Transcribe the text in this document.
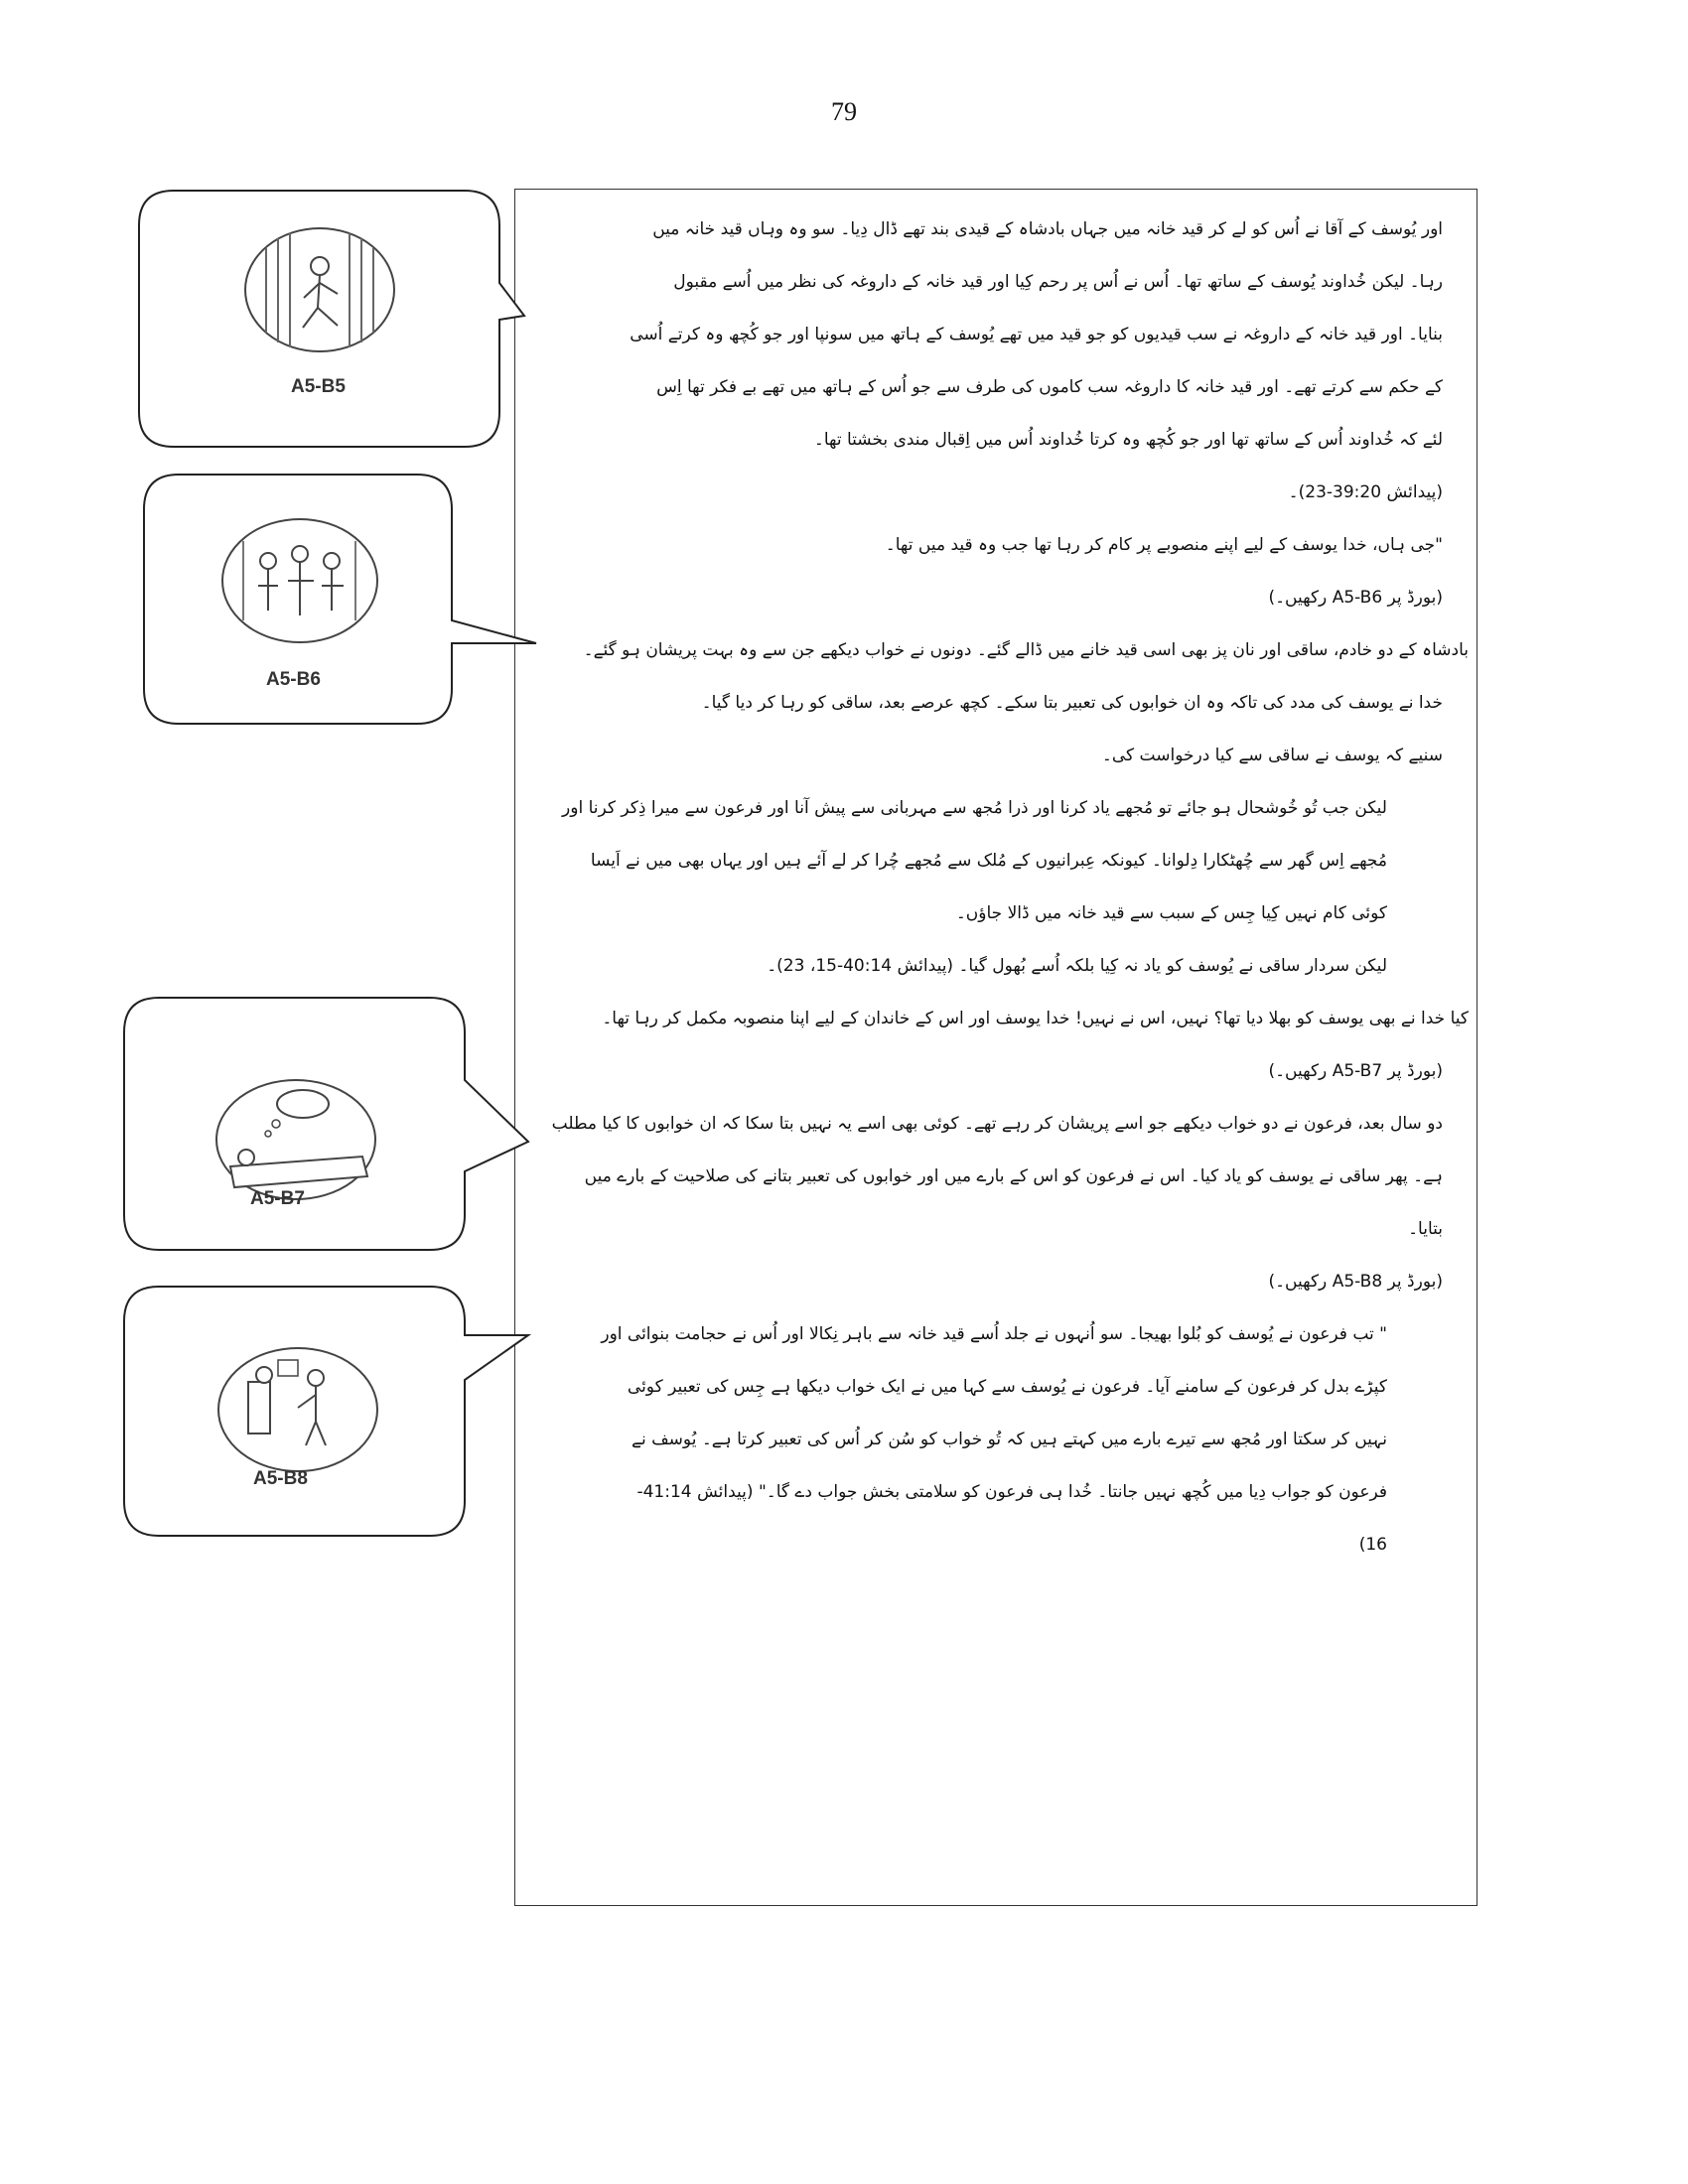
79
اور یُوسف کے آقا نے اُس کو لے کر قید خانہ میں جہاں بادشاہ کے قیدی بند تھے ڈال دِیا۔ سو وہ وہاں قید خانہ میں
رہا۔ لیکن خُداوند یُوسف کے ساتھ تھا۔ اُس نے اُس پر رحم کِیا اور قید خانہ کے داروغہ کی نظر میں اُسے مقبول
بنایا۔ اور قید خانہ کے داروغہ نے سب قیدیوں کو جو قید میں تھے یُوسف کے ہاتھ میں سونپا اور جو کُچھ وہ کرتے اُسی
کے حکم سے کرتے تھے۔ اور قید خانہ کا داروغہ سب کاموں کی طرف سے جو اُس کے ہاتھ میں تھے بے فکر تھا اِس
لئے کہ خُداوند اُس کے ساتھ تھا اور جو کُچھ وہ کرتا خُداوند اُس میں اِقبال مندی بخشتا تھا۔
(پیدائش 39:20-23)۔
"جی ہاں، خدا یوسف کے لیے اپنے منصوبے پر کام کر رہا تھا جب وہ قید میں تھا۔
(بورڈ پر A5-B6 رکھیں۔)
بادشاہ کے دو خادم، ساقی اور نان پز بھی اسی قید خانے میں ڈالے گئے۔ دونوں نے خواب دیکھے جن سے وہ بہت پریشان ہو گئے۔
خدا نے یوسف کی مدد کی تاکہ وہ ان خوابوں کی تعبیر بتا سکے۔ کچھ عرصے بعد، ساقی کو رہا کر دیا گیا۔
سنیے کہ یوسف نے ساقی سے کیا درخواست کی۔
لیکن جب تُو خُوشحال ہو جائے تو مُجھے یاد کرنا اور ذرا مُجھ سے مہربانی سے پیش آنا اور فرعون سے میرا ذِکر کرنا اور
مُجھے اِس گھر سے چُھٹکارا دِلوانا۔ کیونکہ عِبرانیوں کے مُلک سے مُجھے چُرا کر لے آئے ہیں اور یہاں بھی میں نے اَیسا
کوئی کام نہیں کِیا جِس کے سبب سے قید خانہ میں ڈالا جاؤں۔
لیکن سردار ساقی نے یُوسف کو یاد نہ کِیا بلکہ اُسے بُھول گیا۔ (پیدائش 40:14-15، 23)۔
کیا خدا نے بھی یوسف کو بھلا دیا تھا؟ نہیں، اس نے نہیں! خدا یوسف اور اس کے خاندان کے لیے اپنا منصوبہ مکمل کر رہا تھا۔
(بورڈ پر A5-B7 رکھیں۔)
دو سال بعد، فرعون نے دو خواب دیکھے جو اسے پریشان کر رہے تھے۔ کوئی بھی اسے یہ نہیں بتا سکا کہ ان خوابوں کا کیا مطلب
ہے۔ پھر ساقی نے یوسف کو یاد کیا۔ اس نے فرعون کو اس کے بارے میں اور خوابوں کی تعبیر بتانے کی صلاحیت کے بارے میں
بتایا۔
(بورڈ پر A5-B8 رکھیں۔)
" تب فرعون نے یُوسف کو بُلوا بھیجا۔ سو اُنہوں نے جلد اُسے قید خانہ سے باہر نِکالا اور اُس نے حجامت بنوائی اور
کپڑے بدل کر فرعون کے سامنے آیا۔ فرعون نے یُوسف سے کہا میں نے ایک خواب دیکھا ہے جِس کی تعبیر کوئی
نہیں کر سکتا اور مُجھ سے تیرے بارے میں کہتے ہیں کہ تُو خواب کو سُن کر اُس کی تعبیر کرتا ہے۔ یُوسف نے
فرعون کو جواب دِیا میں کُچھ نہیں جانتا۔ خُدا ہی فرعون کو سلامتی بخش جواب دے گا۔" (پیدائش 41:14-
16)
A5-B5
A5-B6
A5-B7
A5-B8
